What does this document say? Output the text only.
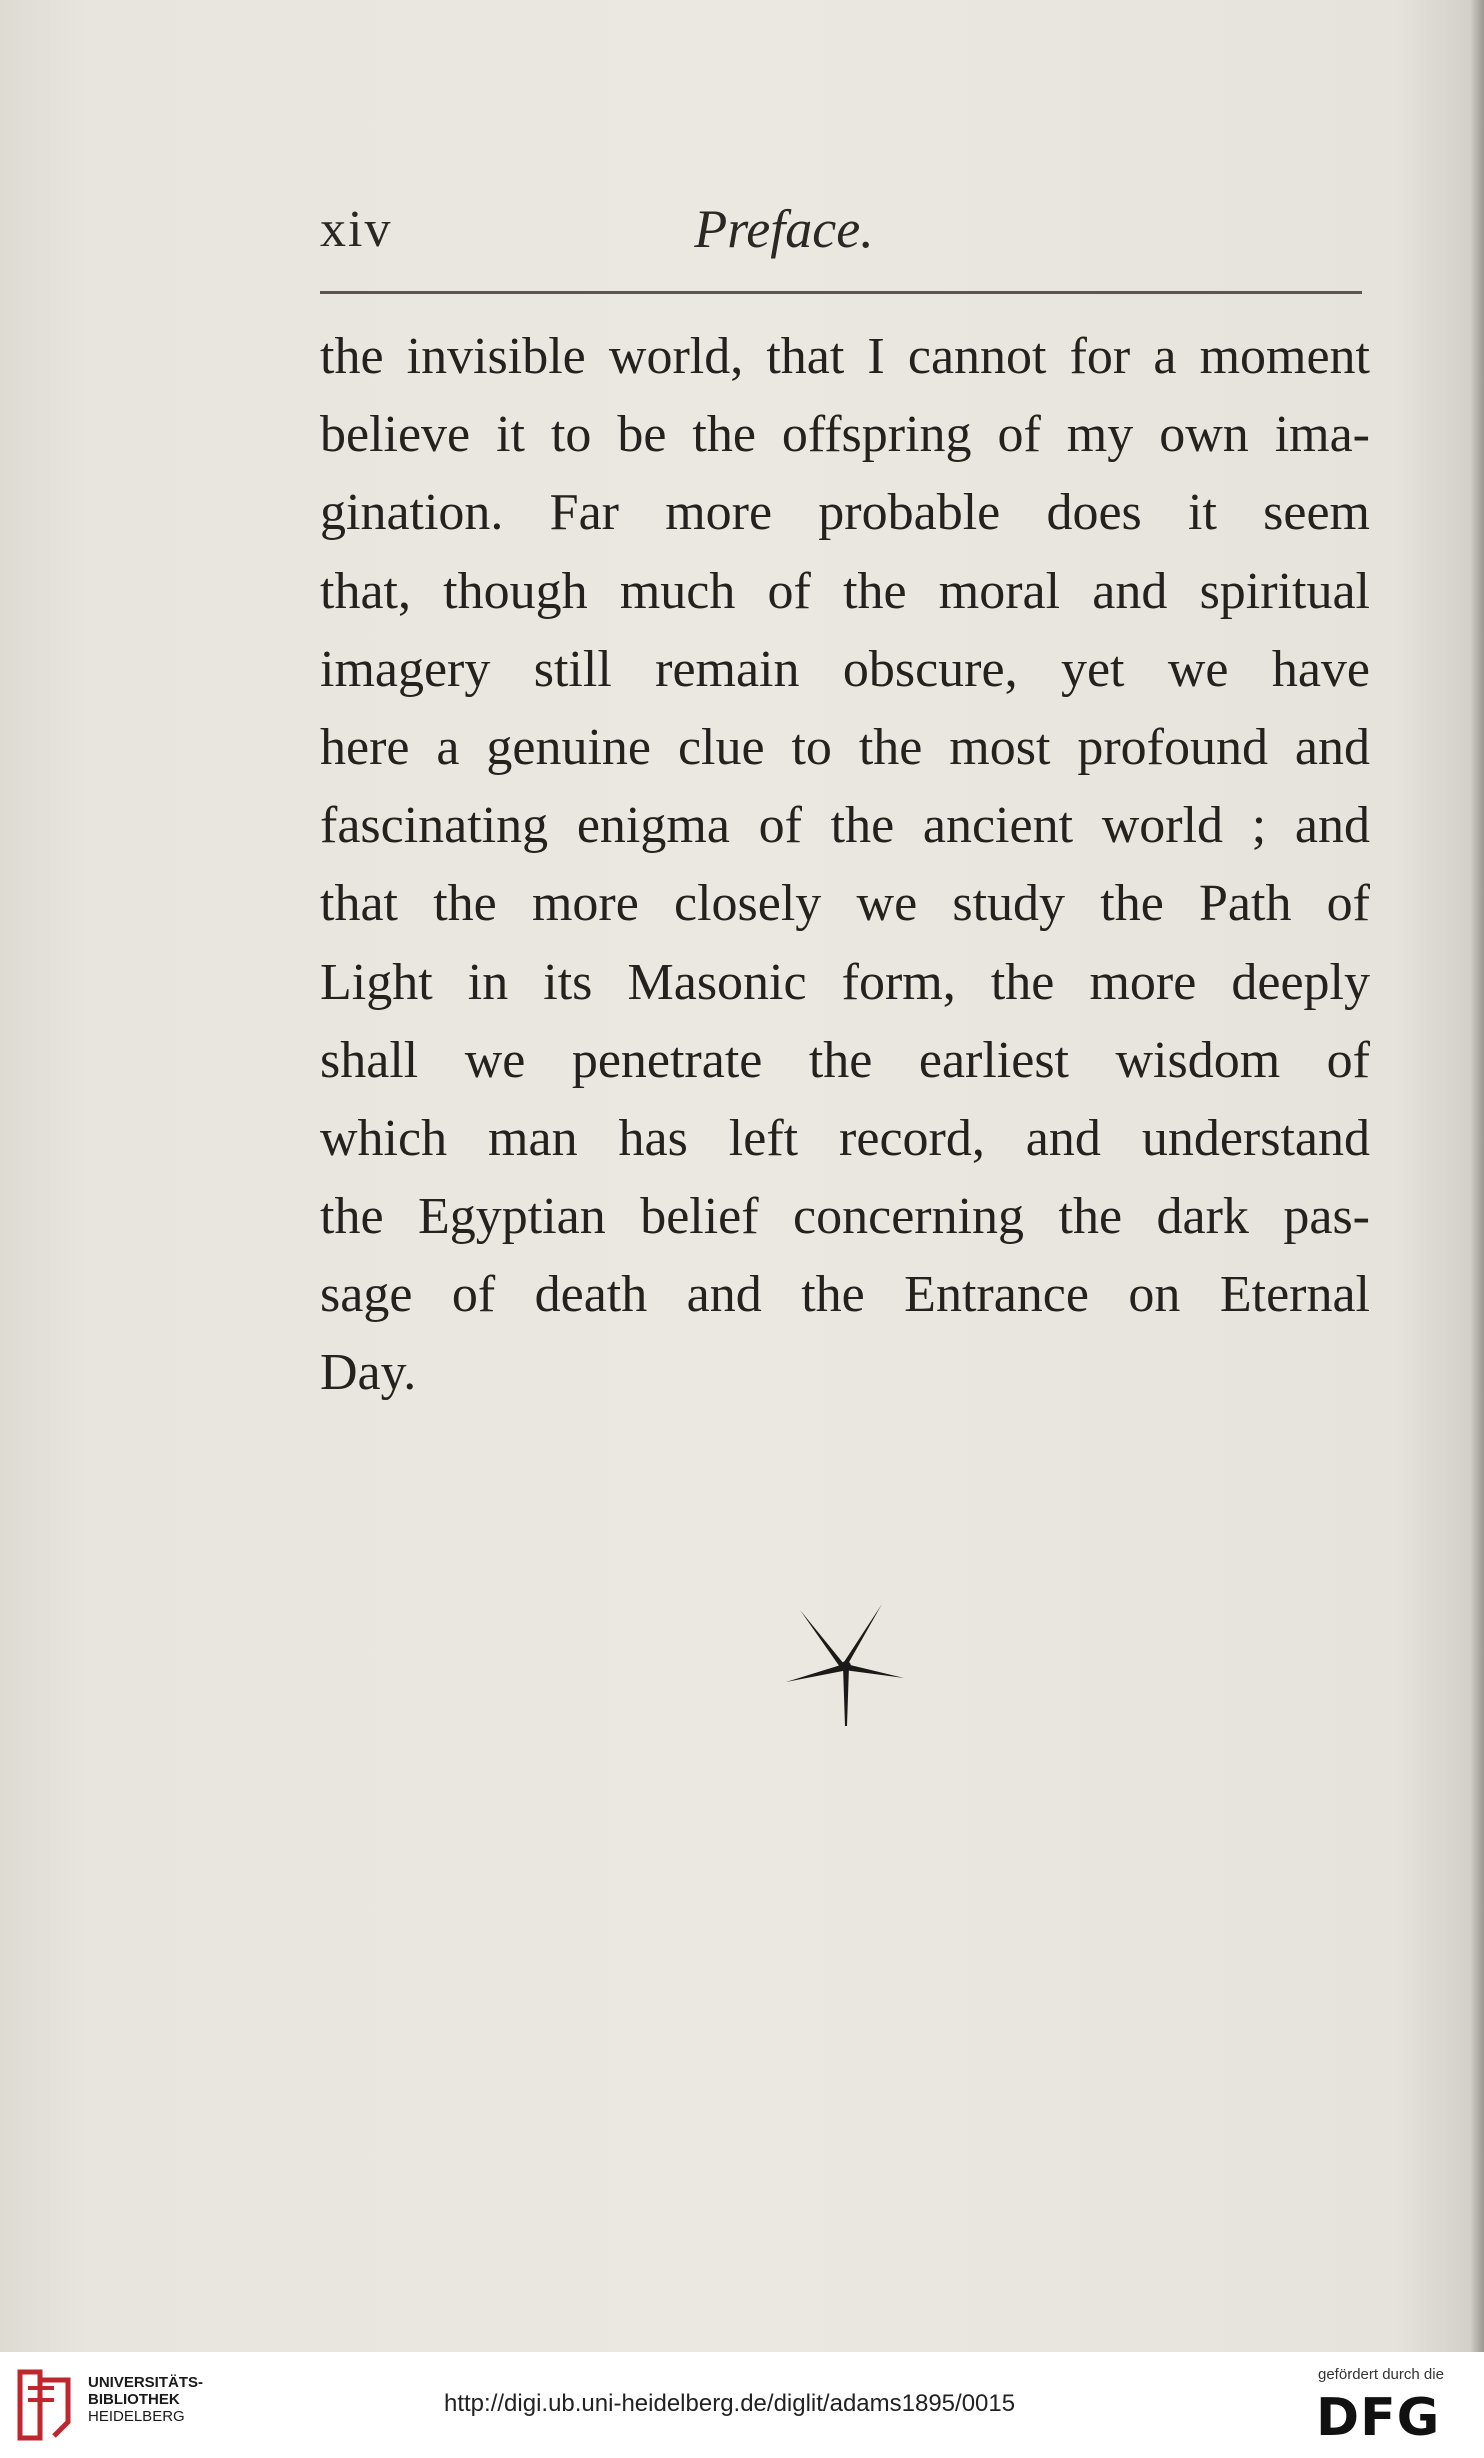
xiv	Preface.
the invisible world, that I cannot for a moment
believe it to be the offspring of my own ima-
gination. Far more probable does it seem
that, though much of the moral and spiritual
imagery still remain obscure, yet we have
here a genuine clue to the most profound and
fascinating enigma of the ancient world ; and
that the more closely we study the Path of
Light in its Masonic form, the more deeply
shall we penetrate the earliest wisdom of
which man has left record, and understand
the Egyptian belief concerning the dark pas-
sage of death and the Entrance on Eternal
Day.
UNIVERSITÄTS-
BIBLIOTHEK
HEIDELBERG	http://digi.ub.uni-heidelberg.de/diglit/adams1895/0015
gefördert durch die
DFG
